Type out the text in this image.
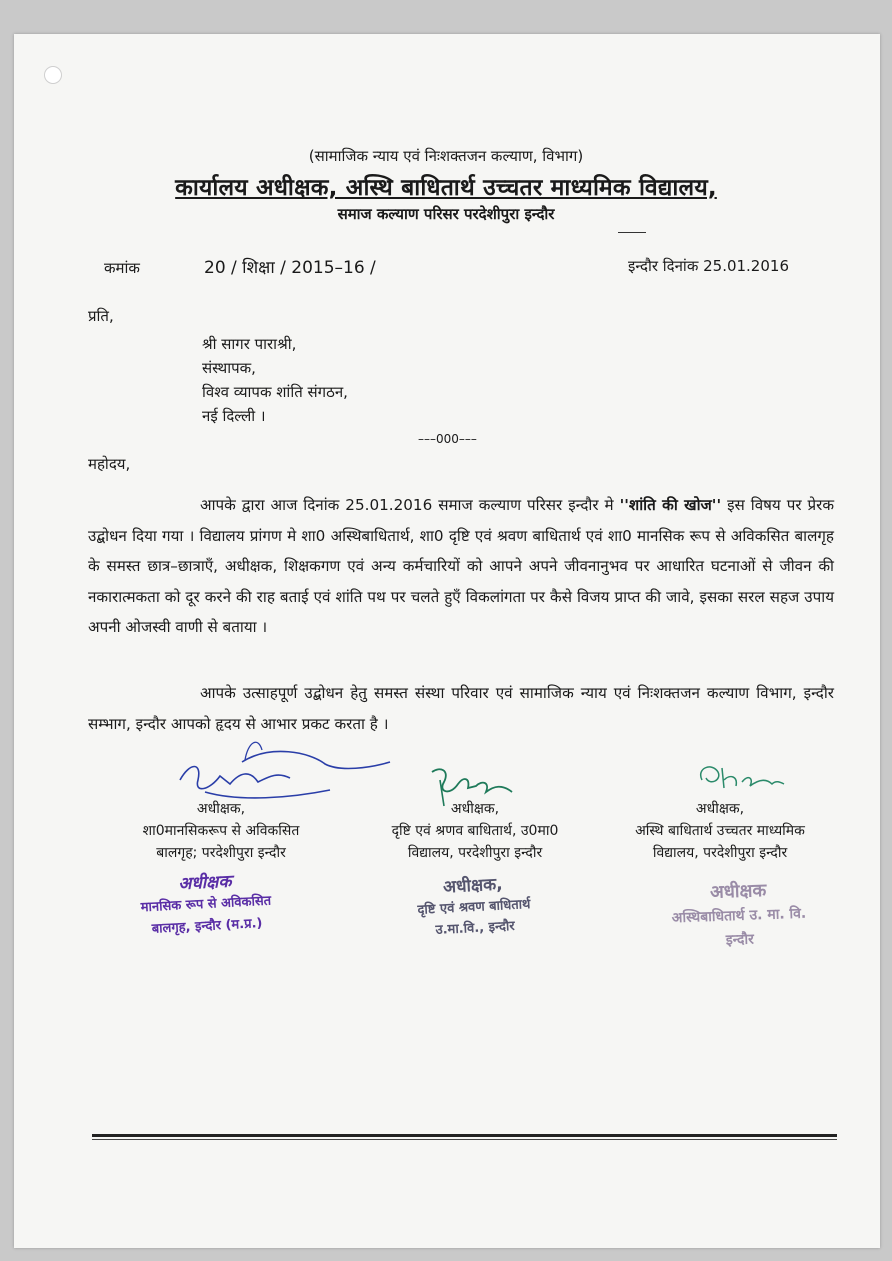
(सामाजिक न्याय एवं निःशक्तजन कल्याण, विभाग)
कार्यालय अधीक्षक, अस्थि बाधितार्थ उच्चतर माध्यमिक विद्यालय,
समाज कल्याण परिसर परदेशीपुरा इन्दौर
कमांक	20 / शिक्षा / 2015–16 /	इन्दौर दिनांक 25.01.2016
प्रति,
श्री सागर पाराश्री,
संस्थापक,
विश्व व्यापक शांति संगठन,
नई दिल्ली ।
–––000–––
महोदय,
आपके द्वारा आज दिनांक 25.01.2016 समाज कल्याण परिसर इन्दौर मे ''शांति की खोज'' इस विषय पर प्रेरक उद्बोधन दिया गया । विद्यालय प्रांगण मे शा0 अस्थिबाधितार्थ, शा0 दृष्टि एवं श्रवण बाधितार्थ एवं शा0 मानसिक रूप से अविकसित बालगृह के समस्त छात्र–छात्राऍं, अधीक्षक, शिक्षकगण एवं अन्य कर्मचारियों को आपने अपने जीवनानुभव पर आधारित घटनाओं से जीवन की नकारात्मकता को दूर करने की राह बताई एवं शांति पथ पर चलते हुऍं विकलांगता पर कैसे विजय प्राप्त की जावे, इसका सरल सहज उपाय अपनी ओजस्वी वाणी से बताया ।
आपके उत्साहपूर्ण उद्बोधन हेतु समस्त संस्था परिवार एवं सामाजिक न्याय एवं निःशक्तजन कल्याण विभाग, इन्दौर सम्भाग, इन्दौर आपको हृदय से आभार प्रकट करता है ।
अधीक्षक,
शा0मानसिकरूप से अविकसित
बालगृह; परदेशीपुरा इन्दौर
अधीक्षक,
दृष्टि एवं श्रणव बाधितार्थ, उ0मा0
विद्यालय, परदेशीपुरा इन्दौर
अधीक्षक,
अस्थि बाधितार्थ उच्चतर माध्यमिक
विद्यालय, परदेशीपुरा इन्दौर
अधीक्षक
मानसिक रूप से अविकसित
बालगृह, इन्दौर (म.प्र.)
अधीक्षक,
दृष्टि एवं श्रवण बाधितार्थ
उ.मा.वि., इन्दौर
अधीक्षक
अस्थिबाधितार्थ उ. मा. वि.
इन्दौर
